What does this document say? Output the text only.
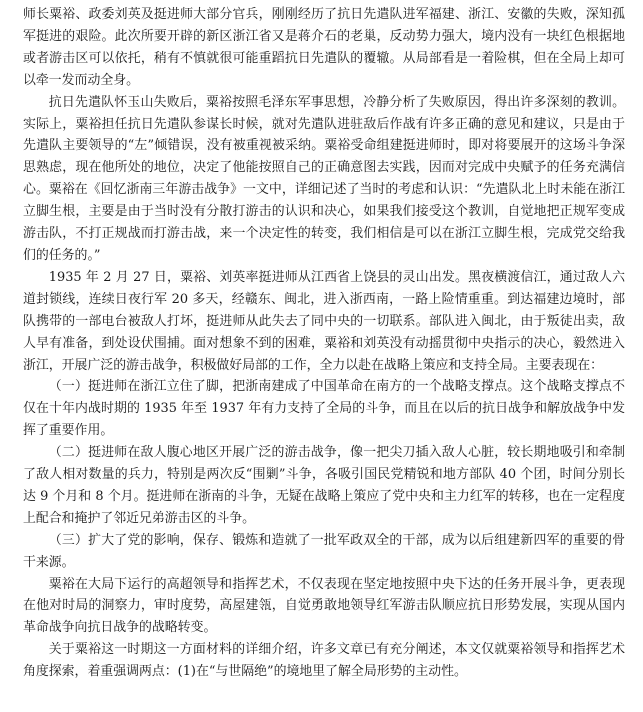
师长粟裕、政委刘英及挺进师大部分官兵，刚刚经历了抗日先遣队进军福建、浙江、安徽的失败，深知孤军挺进的艰险。此次所要开辟的新区浙江省又是蒋介石的老巢，反动势力强大，境内没有一块红色根据地或者游击区可以依托，稍有不慎就很可能重蹈抗日先遣队的覆辙。从局部看是一着险棋，但在全局上却可以牵一发而动全身。

抗日先遣队怀玉山失败后，粟裕按照毛泽东军事思想，冷静分析了失败原因，得出许多深刻的教训。实际上，粟裕担任抗日先遣队参谋长时候，就对先遣队进驻敌后作战有许多正确的意见和建议，只是由于先遣队主要领导的“左”倾错误，没有被重视被采纳。粟裕受命组建挺进师时，即对将要展开的这场斗争深思熟虑，现在他所处的地位，决定了他能按照自己的正确意图去实践，因而对完成中央赋予的任务充满信心。粟裕在《回忆浙南三年游击战争》一文中，详细记述了当时的考虑和认识：“先遣队北上时未能在浙江立脚生根，主要是由于当时没有分散打游击的认识和决心，如果我们接受这个教训，自觉地把正规军变成游击队，不打正规战而打游击战，来一个决定性的转变，我们相信是可以在浙江立脚生根，完成党交给我们的任务的。”

1935 年 2 月 27 日，粟裕、刘英率挺进师从江西省上饶县的灵山出发。黑夜横渡信江，通过敌人六道封锁线，连续日夜行军 20 多天，经赣东、闽北，进入浙西南，一路上险情重重。到达福建边境时，部队携带的一部电台被敌人打坏，挺进师从此失去了同中央的一切联系。部队进入闽北，由于叛徒出卖，敌人早有准备，到处设伏围捕。面对想象不到的困难，粟裕和刘英没有动摇贯彻中央指示的决心，毅然进入浙江，开展广泛的游击战争，积极做好局部的工作，全力以赴在战略上策应和支持全局。主要表现在：

（一）挺进师在浙江立住了脚，把浙南建成了中国革命在南方的一个战略支撑点。这个战略支撑点不仅在十年内战时期的 1935 年至 1937 年有力支持了全局的斗争，而且在以后的抗日战争和解放战争中发挥了重要作用。

（二）挺进师在敌人腹心地区开展广泛的游击战争，像一把尖刀插入敌人心脏，较长期地吸引和牵制了敌人相对数量的兵力，特别是两次反“围剿”斗争，各吸引国民党精锐和地方部队 40 个团，时间分别长达 9 个月和 8 个月。挺进师在浙南的斗争，无疑在战略上策应了党中央和主力红军的转移，也在一定程度上配合和掩护了邻近兄弟游击区的斗争。

（三）扩大了党的影响，保存、锻炼和造就了一批军政双全的干部，成为以后组建新四军的重要的骨干来源。

粟裕在大局下运行的高超领导和指挥艺术，不仅表现在坚定地按照中央下达的任务开展斗争，更表现在他对时局的洞察力，审时度势，高屋建瓴，自觉勇敢地领导红军游击队顺应抗日形势发展，实现从国内革命战争向抗日战争的战略转变。

关于粟裕这一时期这一方面材料的详细介绍，许多文章已有充分阐述，本文仅就粟裕领导和指挥艺术角度探索，着重强调两点：(1)在“与世隔绝”的境地里了解全局形势的主动性。
